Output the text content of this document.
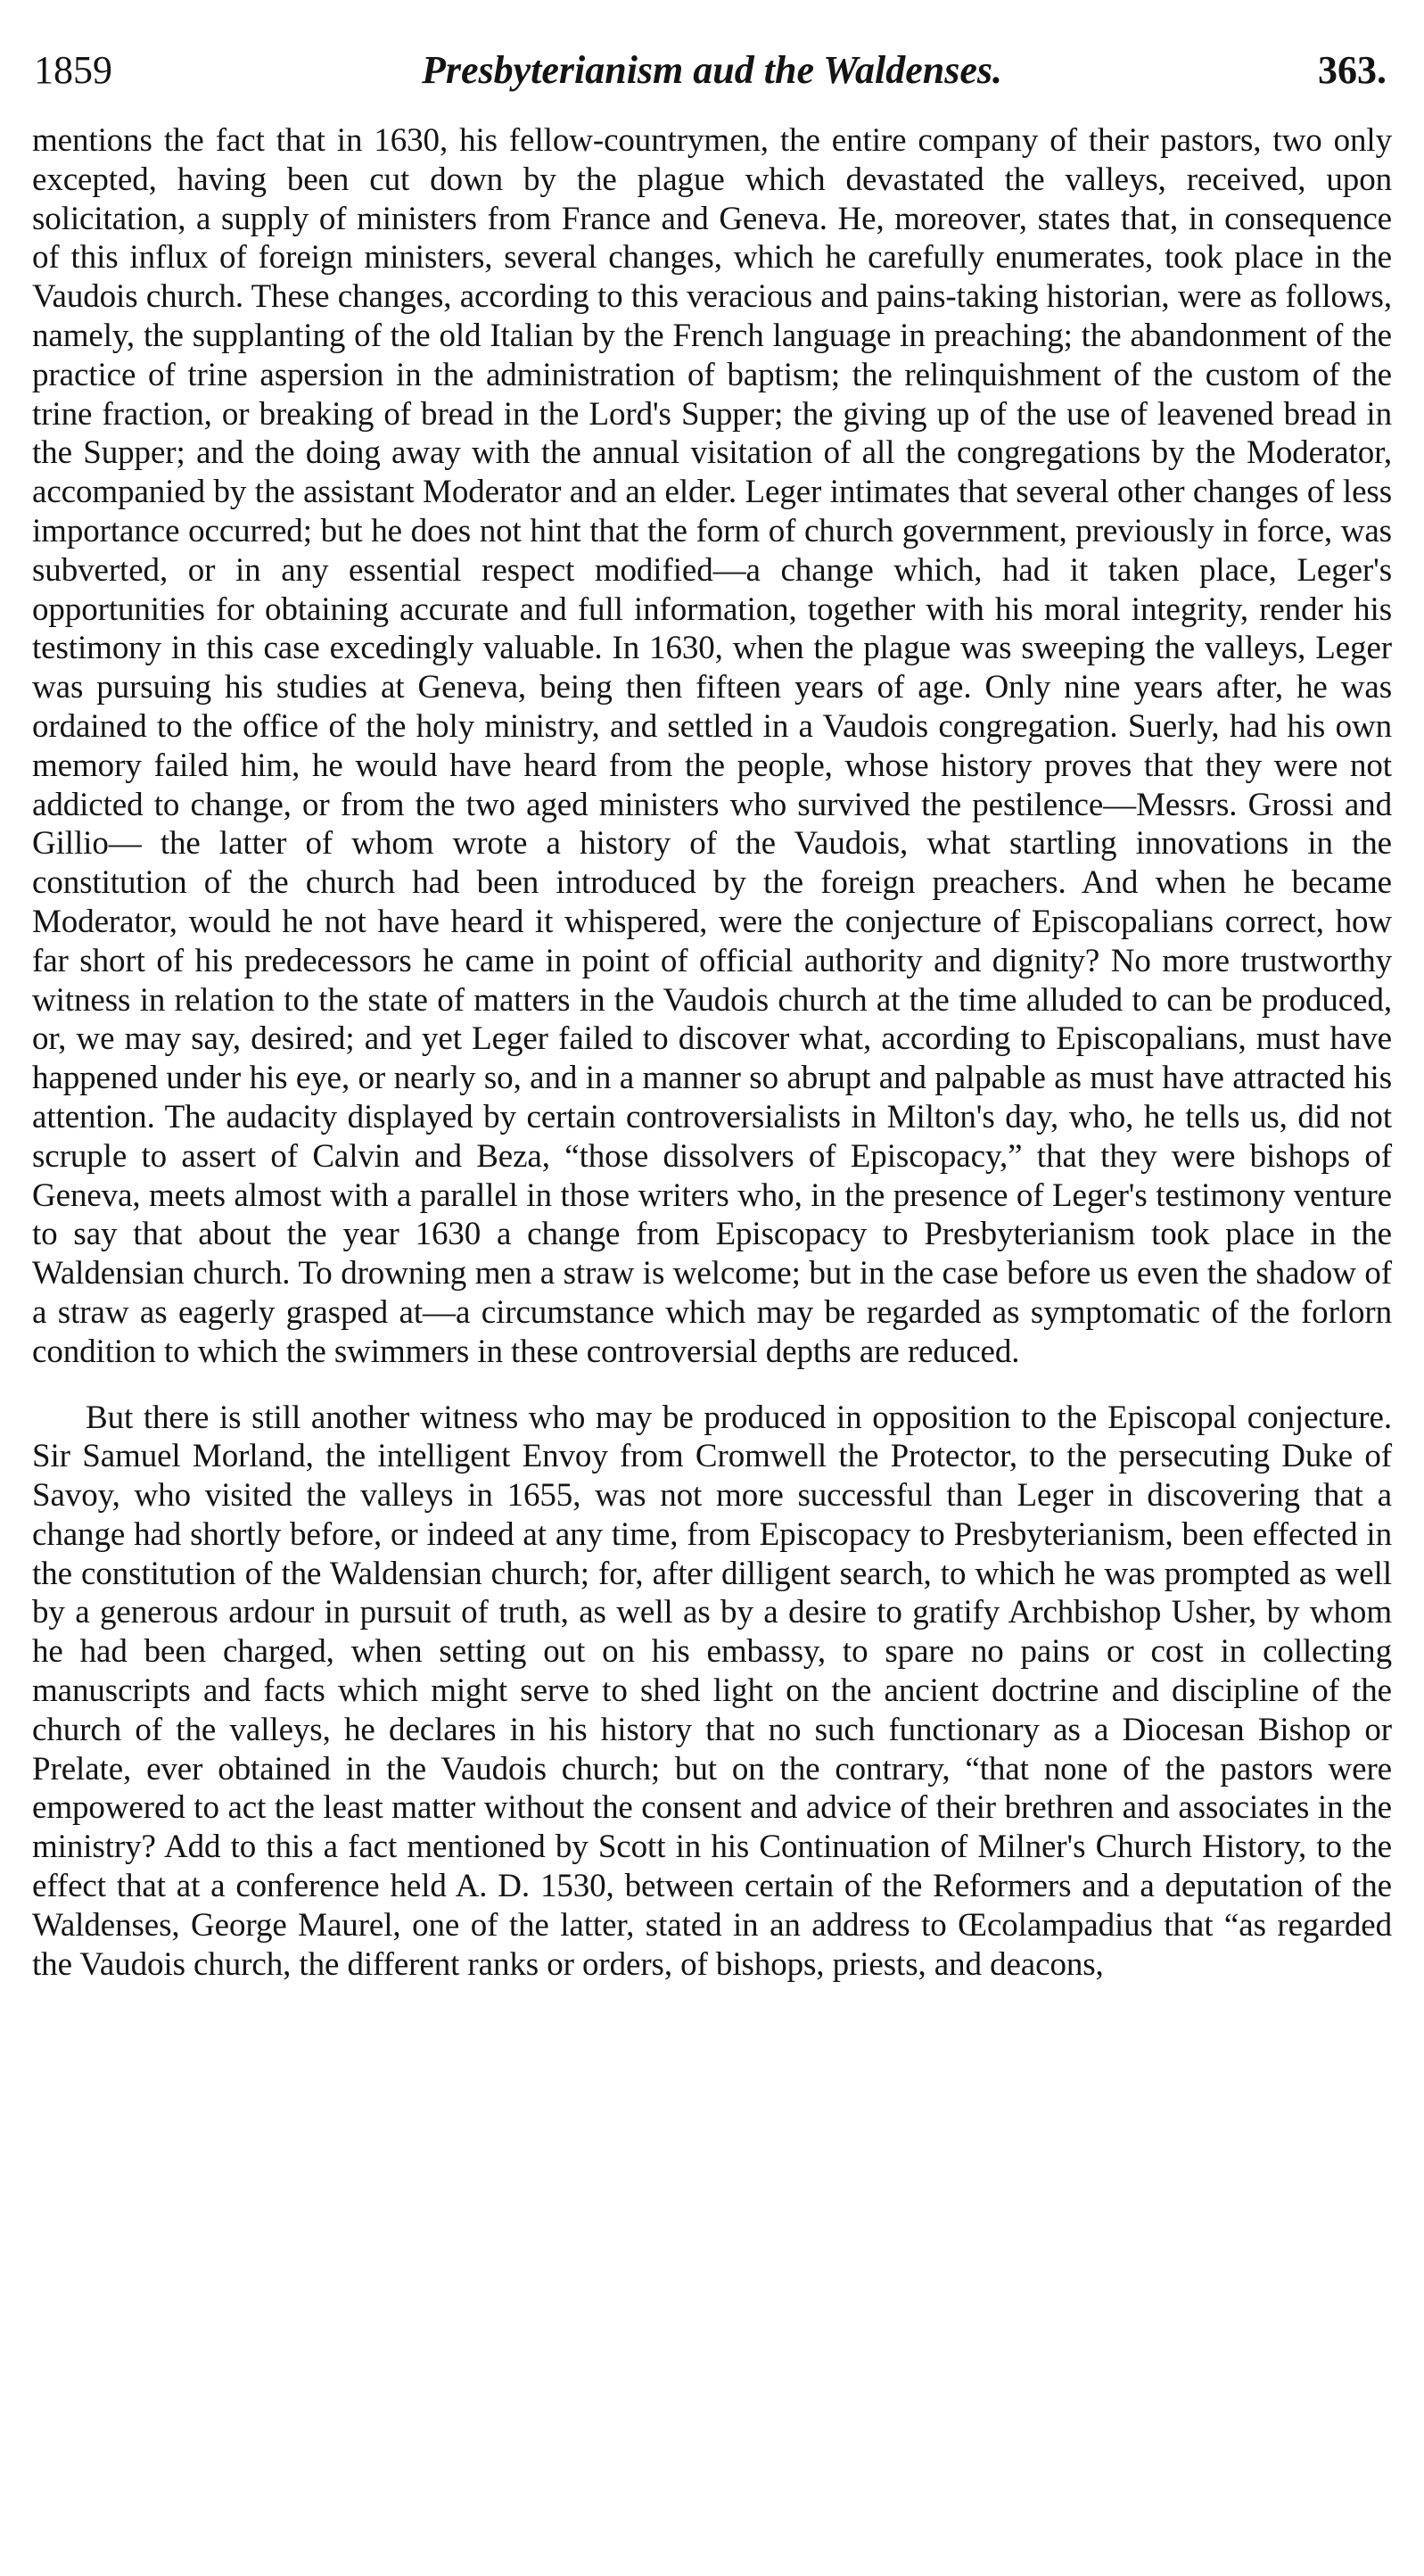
1859	Presbyterianism aud the Waldenses.	363.

mentions the fact that in 1630, his fellow-countrymen, the entire company of their pastors, two only excepted, having been cut down by the plague which devastated the valleys, received, upon solicitation, a supply of ministers from France and Geneva. He, moreover, states that, in consequence of this influx of foreign ministers, several changes, which he carefully enumerates, took place in the Vaudois church. These changes, according to this veracious and pains-taking historian, were as follows, namely, the supplanting of the old Italian by the French language in preaching; the abandonment of the practice of trine aspersion in the administration of baptism; the relinquishment of the custom of the trine fraction, or breaking of bread in the Lord's Supper; the giving up of the use of leavened bread in the Supper; and the doing away with the annual visitation of all the congregations by the Moderator, accompanied by the assistant Moderator and an elder. Leger intimates that several other changes of less importance occurred; but he does not hint that the form of church government, previously in force, was subverted, or in any essential respect modified—a change which, had it taken place, Leger's opportunities for obtaining accurate and full information, together with his moral integrity, render his testimony in this case excedingly valuable. In 1630, when the plague was sweeping the valleys, Leger was pursuing his studies at Geneva, being then fifteen years of age. Only nine years after, he was ordained to the office of the holy ministry, and settled in a Vaudois congregation. Suerly, had his own memory failed him, he would have heard from the people, whose history proves that they were not addicted to change, or from the two aged ministers who survived the pestilence—Messrs. Grossi and Gillio— the latter of whom wrote a history of the Vaudois, what startling innovations in the constitution of the church had been introduced by the foreign preachers. And when he became Moderator, would he not have heard it whispered, were the conjecture of Episcopalians correct, how far short of his predecessors he came in point of official authority and dignity? No more trustworthy witness in relation to the state of matters in the Vaudois church at the time alluded to can be produced, or, we may say, desired; and yet Leger failed to discover what, according to Episcopalians, must have happened under his eye, or nearly so, and in a manner so abrupt and palpable as must have attracted his attention. The audacity displayed by certain controversialists in Milton's day, who, he tells us, did not scruple to assert of Calvin and Beza, “those dissolvers of Episcopacy,” that they were bishops of Geneva, meets almost with a parallel in those writers who, in the presence of Leger's testimony venture to say that about the year 1630 a change from Episcopacy to Presbyterianism took place in the Waldensian church. To drowning men a straw is welcome; but in the case before us even the shadow of a straw as eagerly grasped at—a circumstance which may be regarded as symptomatic of the forlorn condition to which the swimmers in these controversial depths are reduced.

But there is still another witness who may be produced in opposition to the Episcopal conjecture. Sir Samuel Morland, the intelligent Envoy from Cromwell the Protector, to the persecuting Duke of Savoy, who visited the valleys in 1655, was not more successful than Leger in discovering that a change had shortly before, or indeed at any time, from Episcopacy to Presbyterianism, been effected in the constitution of the Waldensian church; for, after dilligent search, to which he was prompted as well by a generous ardour in pursuit of truth, as well as by a desire to gratify Archbishop Usher, by whom he had been charged, when setting out on his embassy, to spare no pains or cost in collecting manuscripts and facts which might serve to shed light on the ancient doctrine and discipline of the church of the valleys, he declares in his history that no such functionary as a Diocesan Bishop or Prelate, ever obtained in the Vaudois church; but on the contrary, “that none of the pastors were empowered to act the least matter without the consent and advice of their brethren and associates in the ministry? Add to this a fact mentioned by Scott in his Continuation of Milner's Church History, to the effect that at a conference held A. D. 1530, between certain of the Reformers and a deputation of the Waldenses, George Maurel, one of the latter, stated in an address to Œcolampadius that “as regarded the Vaudois church, the different ranks or orders, of bishops, priests, and deacons,
